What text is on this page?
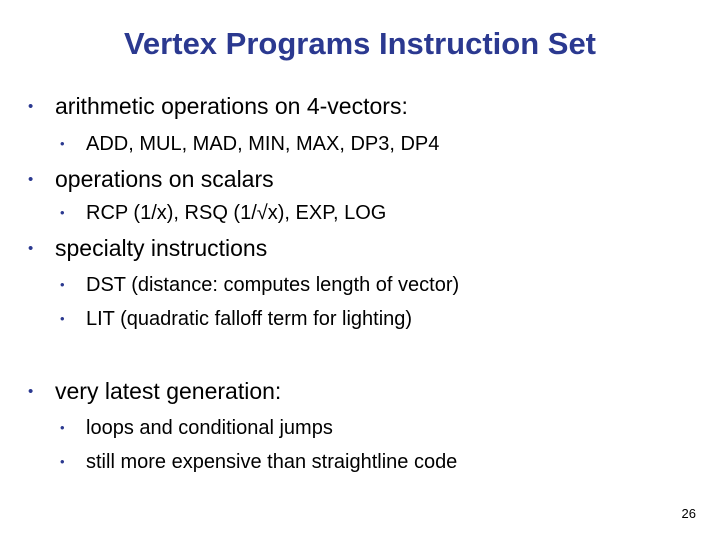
Vertex Programs Instruction Set
• arithmetic operations on 4-vectors:
• ADD, MUL, MAD, MIN, MAX, DP3, DP4
• operations on scalars
• RCP (1/x), RSQ (1/√x), EXP, LOG
• specialty instructions
• DST (distance: computes length of vector)
• LIT (quadratic falloff term for lighting)
• very latest generation:
• loops and conditional jumps
• still more expensive than straightline code
26
